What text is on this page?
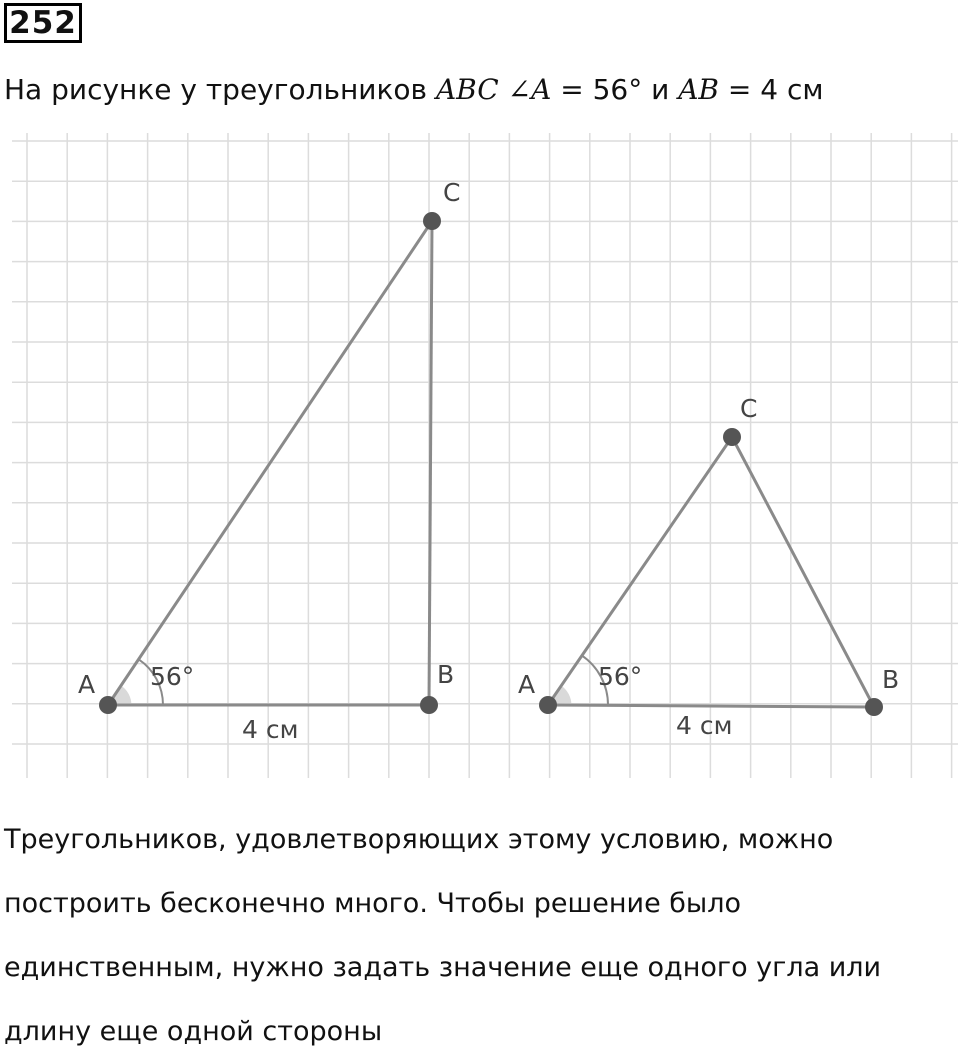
252
На рисунке у треугольников ABC ∠A = 56° и AB = 4 см
A	B
C
56°
4 см
A	B
C
56°
4 см

Треугольников, удовлетворяющих этому условию, можно

построить бесконечно много. Чтобы решение было

единственным, нужно задать значение еще одного угла или

длину еще одной стороны
